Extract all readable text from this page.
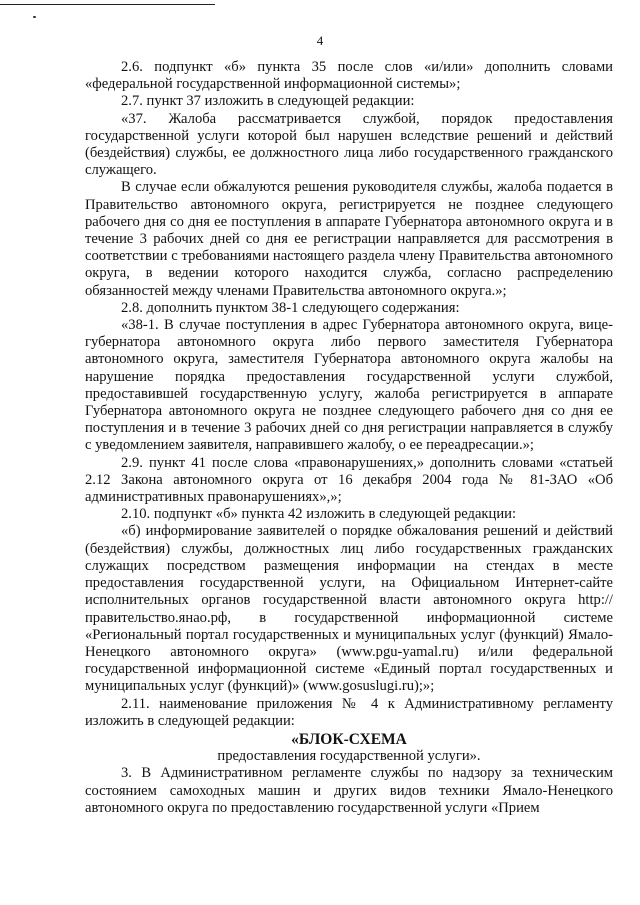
4

2.6. подпункт «б» пункта 35 после слов «и/или» дополнить словами «федеральной государственной информационной системы»;

2.7. пункт 37 изложить в следующей редакции:

«37. Жалоба рассматривается службой, порядок предоставления государственной услуги которой был нарушен вследствие решений и действий (бездействия) службы, ее должностного лица либо государственного гражданского служащего.

В случае если обжалуются решения руководителя службы, жалоба подается в Правительство автономного округа, регистрируется не позднее следующего рабочего дня со дня ее поступления в аппарате Губернатора автономного округа и в течение 3 рабочих дней со дня ее регистрации направляется для рассмотрения в соответствии с требованиями настоящего раздела члену Правительства автономного округа, в ведении которого находится служба, согласно распределению обязанностей между членами Правительства автономного округа.»;

2.8. дополнить пунктом 38-1 следующего содержания:

«38-1. В случае поступления в адрес Губернатора автономного округа, вице-губернатора автономного округа либо первого заместителя Губернатора автономного округа, заместителя Губернатора автономного округа жалобы на нарушение порядка предоставления государственной услуги службой, предоставившей государственную услугу, жалоба регистрируется в аппарате Губернатора автономного округа не позднее следующего рабочего дня со дня ее поступления и в течение 3 рабочих дней со дня регистрации направляется в службу с уведомлением заявителя, направившего жалобу, о ее переадресации.»;

2.9. пункт 41 после слова «правонарушениях,» дополнить словами «статьей 2.12 Закона автономного округа от 16 декабря 2004 года № 81-ЗАО «Об административных правонарушениях»,»;

2.10. подпункт «б» пункта 42 изложить в следующей редакции:

«б) информирование заявителей о порядке обжалования решений и действий (бездействия) службы, должностных лиц либо государственных гражданских служащих посредством размещения информации на стендах в месте предоставления государственной услуги, на Официальном Интернет-сайте исполнительных органов государственной власти автономного округа http://правительство.янао.рф, в государственной информационной системе «Региональный портал государственных и муниципальных услуг (функций) Ямало-Ненецкого автономного округа» (www.pgu-yamal.ru) и/или федеральной государственной информационной системе «Единый портал государственных и муниципальных услуг (функций)» (www.gosuslugi.ru);»;

2.11. наименование приложения № 4 к Административному регламенту изложить в следующей редакции:

«БЛОК-СХЕМА

предоставления государственной услуги».

3. В Административном регламенте службы по надзору за техническим состоянием самоходных машин и других видов техники Ямало-Ненецкого автономного округа по предоставлению государственной услуги «Прием
